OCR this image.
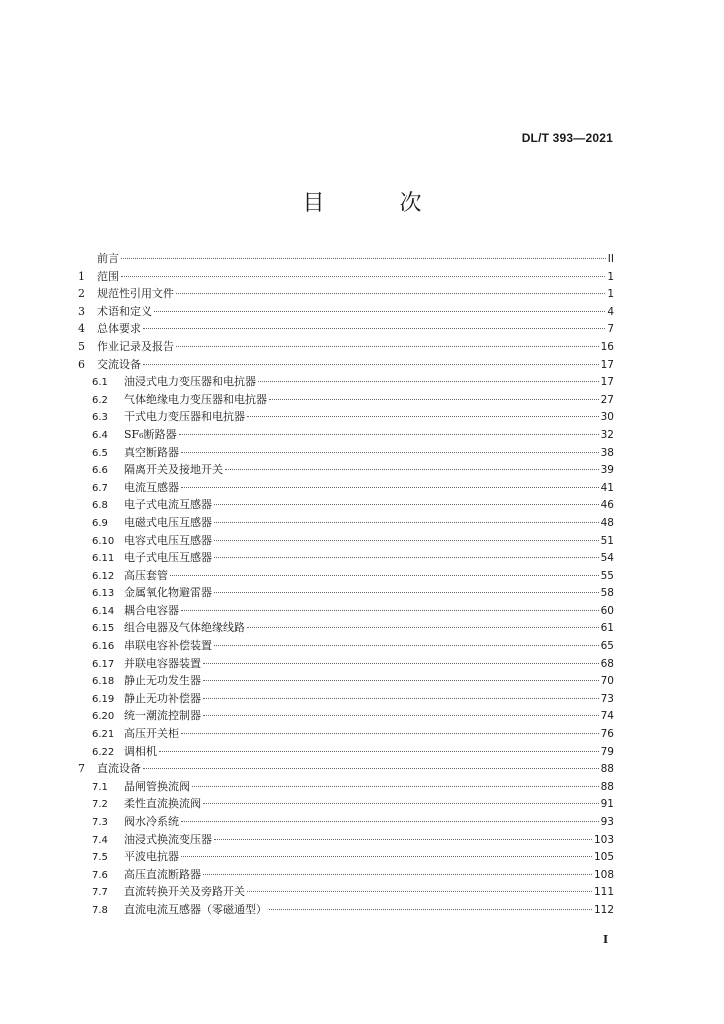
DL/T 393—2021
目 次
前言	II
1	范围	1
2	规范性引用文件	1
3	术语和定义	4
4	总体要求	7
5	作业记录及报告	16
6	交流设备	17
6.1	油浸式电力变压器和电抗器	17
6.2	气体绝缘电力变压器和电抗器	27
6.3	干式电力变压器和电抗器	30
6.4	SF₆断路器	32
6.5	真空断路器	38
6.6	隔离开关及接地开关	39
6.7	电流互感器	41
6.8	电子式电流互感器	46
6.9	电磁式电压互感器	48
6.10 电容式电压互感器	51
6.11 电子式电压互感器	54
6.12 高压套管	55
6.13 金属氧化物避雷器	58
6.14 耦合电容器	60
6.15 组合电器及气体绝缘线路	61
6.16 串联电容补偿装置	65
6.17 并联电容器装置	68
6.18 静止无功发生器	70
6.19 静止无功补偿器	73
6.20 统一潮流控制器	74
6.21 高压开关柜	76
6.22 调相机	79
7	直流设备	88
7.1	晶闸管换流阀	88
7.2	柔性直流换流阀	91
7.3	阀水冷系统	93
7.4	油浸式换流变压器	103
7.5	平波电抗器	105
7.6	高压直流断路器	108
7.7	直流转换开关及旁路开关	111
7.8	直流电流互感器（零磁通型）	112
I
